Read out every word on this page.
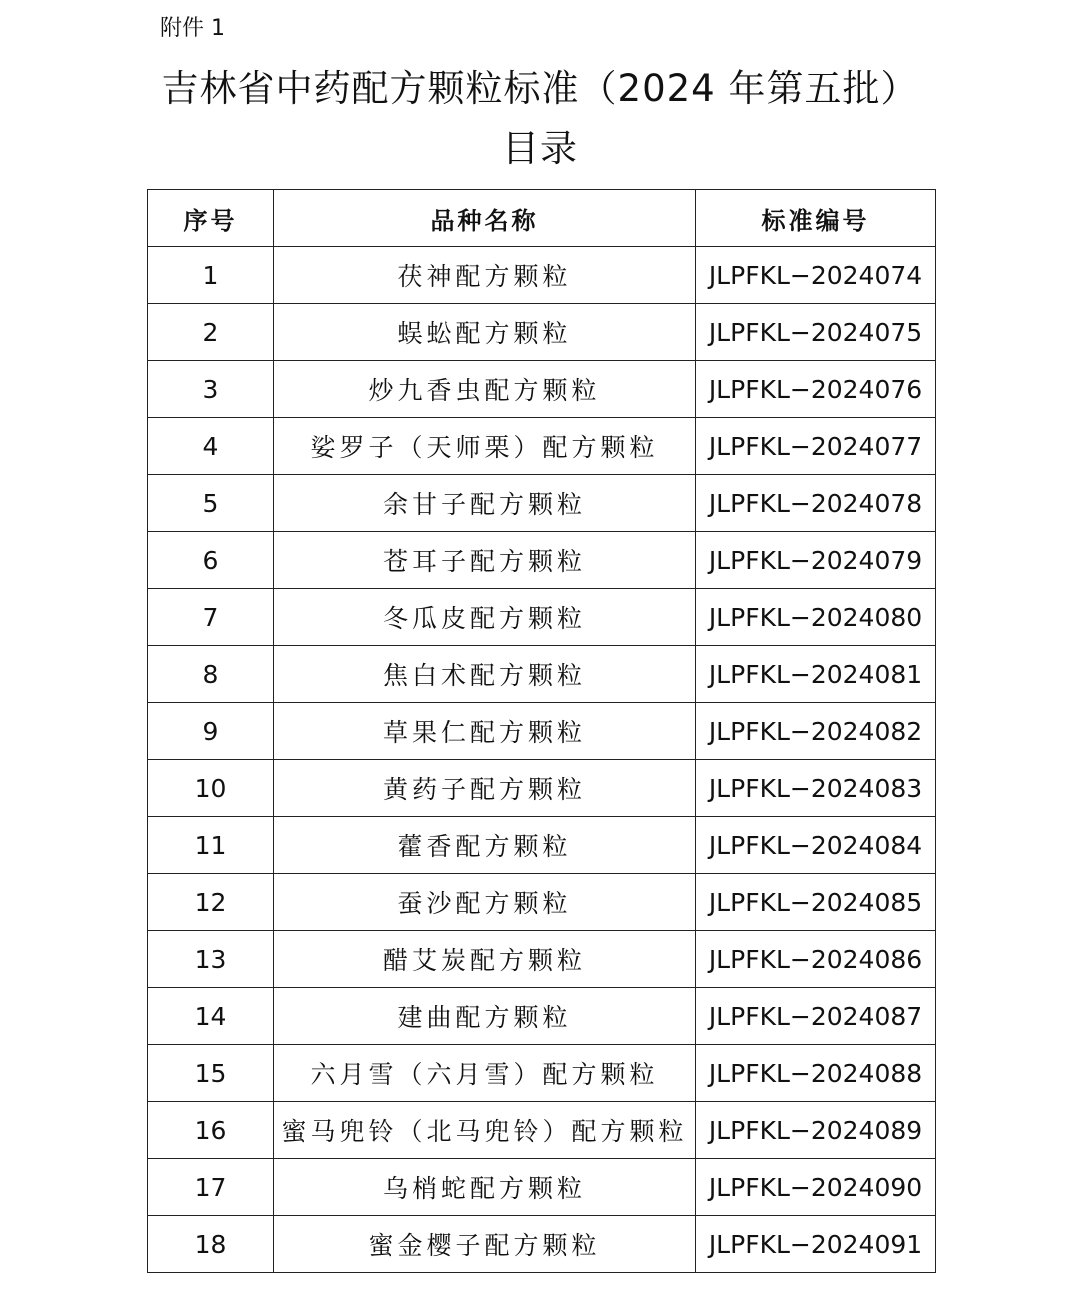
附件 1
吉林省中药配方颗粒标准（2024 年第五批）
目录
序号	品种名称	标准编号
1	茯神配方颗粒	JLPFKL−2024074
2	蜈蚣配方颗粒	JLPFKL−2024075
3	炒九香虫配方颗粒	JLPFKL−2024076
4	娑罗子（天师栗）配方颗粒	JLPFKL−2024077
5	余甘子配方颗粒	JLPFKL−2024078
6	苍耳子配方颗粒	JLPFKL−2024079
7	冬瓜皮配方颗粒	JLPFKL−2024080
8	焦白术配方颗粒	JLPFKL−2024081
9	草果仁配方颗粒	JLPFKL−2024082
10	黄药子配方颗粒	JLPFKL−2024083
11	藿香配方颗粒	JLPFKL−2024084
12	蚕沙配方颗粒	JLPFKL−2024085
13	醋艾炭配方颗粒	JLPFKL−2024086
14	建曲配方颗粒	JLPFKL−2024087
15	六月雪（六月雪）配方颗粒	JLPFKL−2024088
16	蜜马兜铃（北马兜铃）配方颗粒	JLPFKL−2024089
17	乌梢蛇配方颗粒	JLPFKL−2024090
18	蜜金樱子配方颗粒	JLPFKL−2024091
